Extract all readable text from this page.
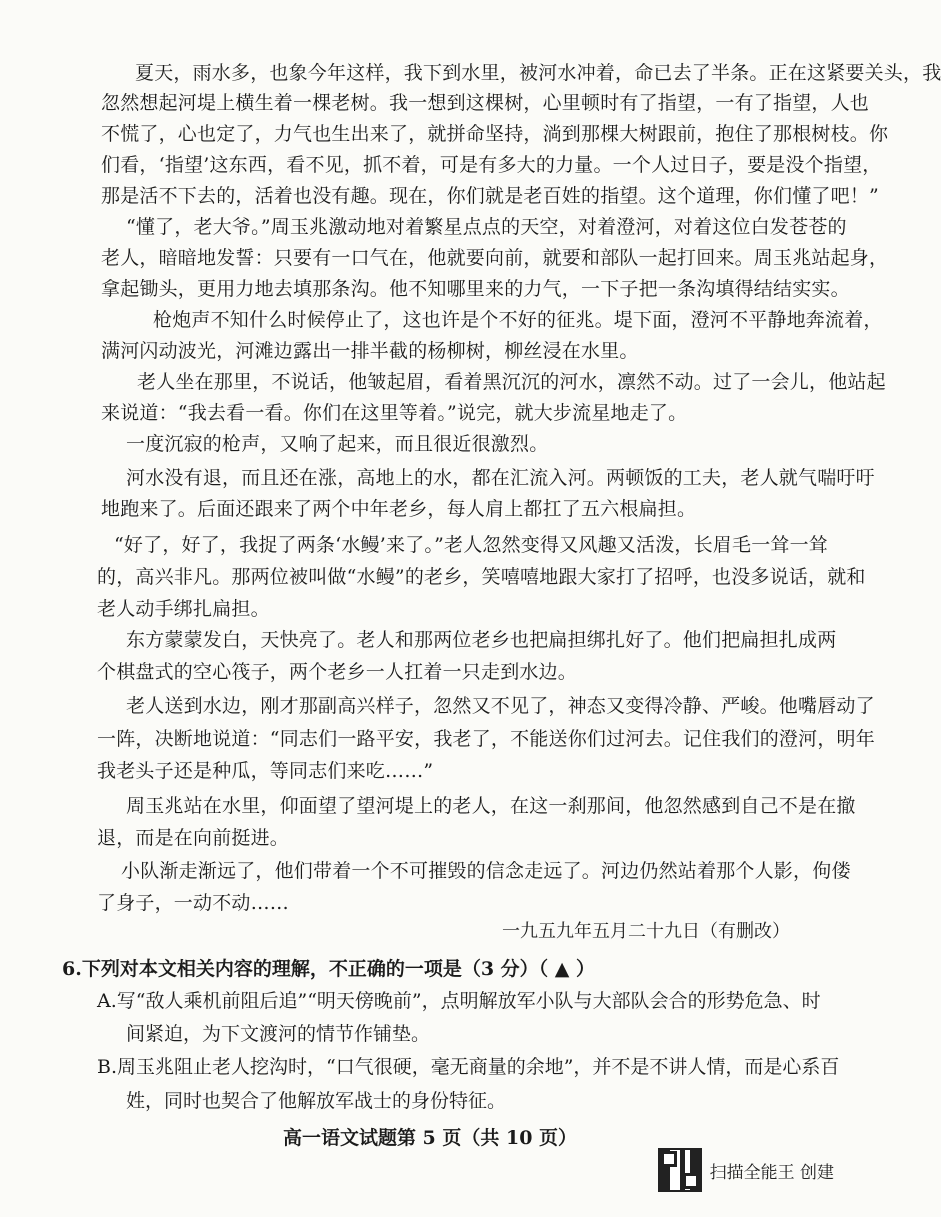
夏天，雨水多，也象今年这样，我下到水里，被河水冲着，命已去了半条。正在这紧要关头，我
忽然想起河堤上横生着一棵老树。我一想到这棵树，心里顿时有了指望，一有了指望，人也
不慌了，心也定了，力气也生出来了，就拼命坚持，淌到那棵大树跟前，抱住了那根树枝。你
们看，‘指望’这东西，看不见，抓不着，可是有多大的力量。一个人过日子，要是没个指望，
那是活不下去的，活着也没有趣。现在，你们就是老百姓的指望。这个道理，你们懂了吧！”
“懂了，老大爷。”周玉兆激动地对着繁星点点的天空，对着澄河，对着这位白发苍苍的
老人，暗暗地发誓：只要有一口气在，他就要向前，就要和部队一起打回来。周玉兆站起身，
拿起锄头，更用力地去填那条沟。他不知哪里来的力气，一下子把一条沟填得结结实实。
枪炮声不知什么时候停止了，这也许是个不好的征兆。堤下面，澄河不平静地奔流着，
满河闪动波光，河滩边露出一排半截的杨柳树，柳丝浸在水里。
老人坐在那里，不说话，他皱起眉，看着黑沉沉的河水，凛然不动。过了一会儿，他站起
来说道：“我去看一看。你们在这里等着。”说完，就大步流星地走了。
一度沉寂的枪声，又响了起来，而且很近很激烈。
河水没有退，而且还在涨，高地上的水，都在汇流入河。两顿饭的工夫，老人就气喘吁吁
地跑来了。后面还跟来了两个中年老乡，每人肩上都扛了五六根扁担。
“好了，好了，我捉了两条‘水鳗’来了。”老人忽然变得又风趣又活泼，长眉毛一耸一耸
的，高兴非凡。那两位被叫做“水鳗”的老乡，笑嘻嘻地跟大家打了招呼，也没多说话，就和
老人动手绑扎扁担。
东方蒙蒙发白，天快亮了。老人和那两位老乡也把扁担绑扎好了。他们把扁担扎成两
个棋盘式的空心筏子，两个老乡一人扛着一只走到水边。
老人送到水边，刚才那副高兴样子，忽然又不见了，神态又变得冷静、严峻。他嘴唇动了
一阵，决断地说道：“同志们一路平安，我老了，不能送你们过河去。记住我们的澄河，明年
我老头子还是种瓜，等同志们来吃……”
周玉兆站在水里，仰面望了望河堤上的老人，在这一刹那间，他忽然感到自己不是在撤
退，而是在向前挺进。
小队渐走渐远了，他们带着一个不可摧毁的信念走远了。河边仍然站着那个人影，佝偻
了身子，一动不动……
一九五九年五月二十九日（有删改）
6.下列对本文相关内容的理解，不正确的一项是（3 分）（ ▲ ）
A.写“敌人乘机前阻后追”“明天傍晚前”，点明解放军小队与大部队会合的形势危急、时
间紧迫，为下文渡河的情节作铺垫。
B.周玉兆阻止老人挖沟时，“口气很硬，毫无商量的余地”，并不是不讲人情，而是心系百
姓，同时也契合了他解放军战士的身份特征。
高一语文试题第 5 页（共 10 页）
扫描全能王 创建
